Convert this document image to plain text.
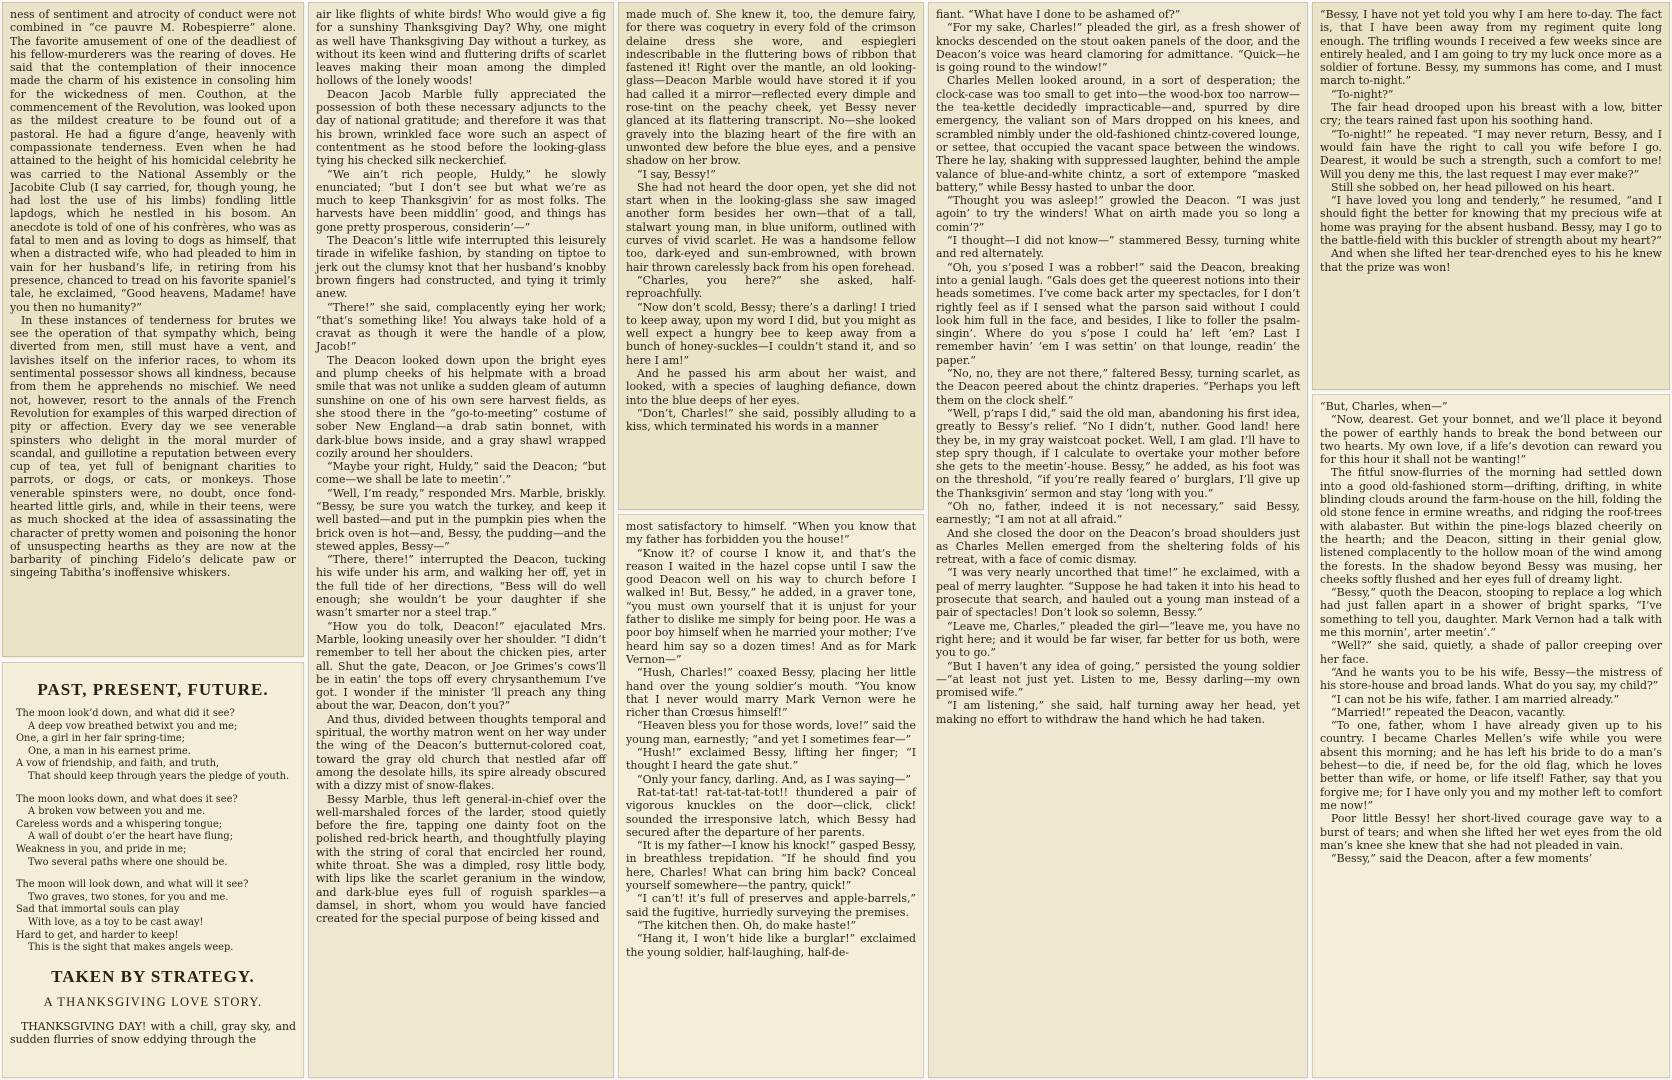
ness of sentiment and atrocity of conduct were not combined in “ce pauvre M. Robespierre” alone. The favorite amusement of one of the deadliest of his fellow-murderers was the rearing of doves. He said that the contemplation of their innocence made the charm of his existence in consoling him for the wickedness of men. Couthon, at the commencement of the Revolution, was looked upon as the mildest creature to be found out of a pastoral. He had a figure d’ange, heavenly with compassionate tenderness. Even when he had attained to the height of his homicidal celebrity he was carried to the National Assembly or the Jacobite Club (I say carried, for, though young, he had lost the use of his limbs) fondling little lapdogs, which he nestled in his bosom. An anecdote is told of one of his confrères, who was as fatal to men and as loving to dogs as himself, that when a distracted wife, who had pleaded to him in vain for her husband’s life, in retiring from his presence, chanced to tread on his favorite spaniel’s tale, he exclaimed, “Good heavens, Madame! have you then no humanity?”

In these instances of tenderness for brutes we see the operation of that sympathy which, being diverted from men, still must have a vent, and lavishes itself on the inferior races, to whom its sentimental possessor shows all kindness, because from them he apprehends no mischief. We need not, however, resort to the annals of the French Revolution for examples of this warped direction of pity or affection. Every day we see venerable spinsters who delight in the moral murder of scandal, and guillotine a reputation between every cup of tea, yet full of benignant charities to parrots, or dogs, or cats, or monkeys. Those venerable spinsters were, no doubt, once fond-hearted little girls, and, while in their teens, were as much shocked at the idea of assassinating the character of pretty women and poisoning the honor of unsuspecting hearths as they are now at the barbarity of pinching Fidelo’s delicate paw or singeing Tabitha’s inoffensive whiskers.

PAST, PRESENT, FUTURE.
The moon look’d down, and what did it see?
A deep vow breathed betwixt you and me;
One, a girl in her fair spring-time;
One, a man in his earnest prime.
A vow of friendship, and faith, and truth,
That should keep through years the pledge of youth.
The moon looks down, and what does it see?
A broken vow between you and me.
Careless words and a whispering tongue;
A wall of doubt o’er the heart have flung;
Weakness in you, and pride in me;
Two several paths where one should be.
The moon will look down, and what will it see?
Two graves, two stones, for you and me.
Sad that immortal souls can play
With love, as a toy to be cast away!
Hard to get, and harder to keep!
This is the sight that makes angels weep.
TAKEN BY STRATEGY.
A THANKSGIVING LOVE STORY.

THANKSGIVING DAY! with a chill, gray sky, and sudden flurries of snow eddying through the

air like flights of white birds! Who would give a fig for a sunshiny Thanksgiving Day? Why, one might as well have Thanksgiving Day without a turkey, as without its keen wind and fluttering drifts of scarlet leaves making their moan among the dimpled hollows of the lonely woods!

Deacon Jacob Marble fully appreciated the possession of both these necessary adjuncts to the day of national gratitude; and therefore it was that his brown, wrinkled face wore such an aspect of contentment as he stood before the looking-glass tying his checked silk neckerchief.

“We ain’t rich people, Huldy,” he slowly enunciated; “but I don’t see but what we’re as much to keep Thanksgivin’ for as most folks. The harvests have been middlin’ good, and things has gone pretty prosperous, considerin’—”

The Deacon’s little wife interrupted this leisurely tirade in wifelike fashion, by standing on tiptoe to jerk out the clumsy knot that her husband’s knobby brown fingers had constructed, and tying it trimly anew.

“There!” she said, complacently eying her work; “that’s something like! You always take hold of a cravat as though it were the handle of a plow, Jacob!”

The Deacon looked down upon the bright eyes and plump cheeks of his helpmate with a broad smile that was not unlike a sudden gleam of autumn sunshine on one of his own sere harvest fields, as she stood there in the “go-to-meeting” costume of sober New England—a drab satin bonnet, with dark-blue bows inside, and a gray shawl wrapped cozily around her shoulders.

“Maybe your right, Huldy,” said the Deacon; “but come—we shall be late to meetin’.”

“Well, I’m ready,” responded Mrs. Marble, briskly. “Bessy, be sure you watch the turkey, and keep it well basted—and put in the pumpkin pies when the brick oven is hot—and, Bessy, the pudding—and the stewed apples, Bessy—”

“There, there!” interrupted the Deacon, tucking his wife under his arm, and walking her off, yet in the full tide of her directions, “Bess will do well enough; she wouldn’t be your daughter if she wasn’t smarter nor a steel trap.”

“How you do tolk, Deacon!” ejaculated Mrs. Marble, looking uneasily over her shoulder. “I didn’t remember to tell her about the chicken pies, arter all. Shut the gate, Deacon, or Joe Grimes’s cows’ll be in eatin’ the tops off every chrysanthemum I’ve got. I wonder if the minister ’ll preach any thing about the war, Deacon, don’t you?”

And thus, divided between thoughts temporal and spiritual, the worthy matron went on her way under the wing of the Deacon’s butternut-colored coat, toward the gray old church that nestled afar off among the desolate hills, its spire already obscured with a dizzy mist of snow-flakes.

Bessy Marble, thus left general-in-chief over the well-marshaled forces of the larder, stood quietly before the fire, tapping one dainty foot on the polished red-brick hearth, and thoughtfully playing with the string of coral that encircled her round, white throat. She was a dimpled, rosy little body, with lips like the scarlet geranium in the window, and dark-blue eyes full of roguish sparkles—a damsel, in short, whom you would have fancied created for the special purpose of being kissed and

made much of. She knew it, too, the demure fairy, for there was coquetry in every fold of the crimson delaine dress she wore, and espiegleri indescribable in the fluttering bows of ribbon that fastened it! Right over the mantle, an old looking-glass—Deacon Marble would have stored it if you had called it a mirror—reflected every dimple and rose-tint on the peachy cheek, yet Bessy never glanced at its flattering transcript. No—she looked gravely into the blazing heart of the fire with an unwonted dew before the blue eyes, and a pensive shadow on her brow.

“I say, Bessy!”

She had not heard the door open, yet she did not start when in the looking-glass she saw imaged another form besides her own—that of a tall, stalwart young man, in blue uniform, outlined with curves of vivid scarlet. He was a handsome fellow too, dark-eyed and sun-embrowned, with brown hair thrown carelessly back from his open forehead.

“Charles, you here?” she asked, half-reproachfully.

“Now don’t scold, Bessy; there’s a darling! I tried to keep away, upon my word I did, but you might as well expect a hungry bee to keep away from a bunch of honey-suckles—I couldn’t stand it, and so here I am!”

And he passed his arm about her waist, and looked, with a species of laughing defiance, down into the blue deeps of her eyes.

“Don’t, Charles!” she said, possibly alluding to a kiss, which terminated his words in a manner

most satisfactory to himself. “When you know that my father has forbidden you the house!”

“Know it? of course I know it, and that’s the reason I waited in the hazel copse until I saw the good Deacon well on his way to church before I walked in! But, Bessy,” he added, in a graver tone, “you must own yourself that it is unjust for your father to dislike me simply for being poor. He was a poor boy himself when he married your mother; I’ve heard him say so a dozen times! And as for Mark Vernon—”

“Hush, Charles!” coaxed Bessy, placing her little hand over the young soldier’s mouth. “You know that I never would marry Mark Vernon were he richer than Crœsus himself!”

“Heaven bless you for those words, love!” said the young man, earnestly; “and yet I sometimes fear—”

“Hush!” exclaimed Bessy, lifting her finger; “I thought I heard the gate shut.”

“Only your fancy, darling. And, as I was saying—”

Rat-tat-tat! rat-tat-tat-tot!! thundered a pair of vigorous knuckles on the door—click, click! sounded the irresponsive latch, which Bessy had secured after the departure of her parents.

“It is my father—I know his knock!” gasped Bessy, in breathless trepidation. “If he should find you here, Charles! What can bring him back? Conceal yourself somewhere—the pantry, quick!”

“I can’t! it’s full of preserves and apple-barrels,” said the fugitive, hurriedly surveying the premises.

“The kitchen then. Oh, do make haste!”

“Hang it, I won’t hide like a burglar!” exclaimed the young soldier, half-laughing, half-de-

fiant. “What have I done to be ashamed of?”

“For my sake, Charles!” pleaded the girl, as a fresh shower of knocks descended on the stout oaken panels of the door, and the Deacon’s voice was heard clamoring for admittance. “Quick—he is going round to the window!”

Charles Mellen looked around, in a sort of desperation; the clock-case was too small to get into—the wood-box too narrow—the tea-kettle decidedly impracticable—and, spurred by dire emergency, the valiant son of Mars dropped on his knees, and scrambled nimbly under the old-fashioned chintz-covered lounge, or settee, that occupied the vacant space between the windows. There he lay, shaking with suppressed laughter, behind the ample valance of blue-and-white chintz, a sort of extempore “masked battery,” while Bessy hasted to unbar the door.

“Thought you was asleep!” growled the Deacon. “I was just agoin’ to try the winders! What on airth made you so long a comin’?”

“I thought—I did not know—” stammered Bessy, turning white and red alternately.

“Oh, you s’posed I was a robber!” said the Deacon, breaking into a genial laugh. “Gals does get the queerest notions into their heads sometimes. I’ve come back arter my spectacles, for I don’t rightly feel as if I sensed what the parson said without I could look him full in the face, and besides, I like to foller the psalm-singin’. Where do you s’pose I could ha’ left ’em? Last I remember havin’ ’em I was settin’ on that lounge, readin’ the paper.”

“No, no, they are not there,” faltered Bessy, turning scarlet, as the Deacon peered about the chintz draperies. “Perhaps you left them on the clock shelf.”

“Well, p’raps I did,” said the old man, abandoning his first idea, greatly to Bessy’s relief. “No I didn’t, nuther. Good land! here they be, in my gray waistcoat pocket. Well, I am glad. I’ll have to step spry though, if I calculate to overtake your mother before she gets to the meetin’-house. Bessy,” he added, as his foot was on the threshold, “if you’re really feared o’ burglars, I’ll give up the Thanksgivin’ sermon and stay ’long with you.”

“Oh no, father, indeed it is not necessary,” said Bessy, earnestly; “I am not at all afraid.”

And she closed the door on the Deacon’s broad shoulders just as Charles Mellen emerged from the sheltering folds of his retreat, with a face of comic dismay.

“I was very nearly uncorthed that time!” he exclaimed, with a peal of merry laughter. “Suppose he had taken it into his head to prosecute that search, and hauled out a young man instead of a pair of spectacles! Don’t look so solemn, Bessy.”

“Leave me, Charles,” pleaded the girl—“leave me, you have no right here; and it would be far wiser, far better for us both, were you to go.”

“But I haven’t any idea of going,” persisted the young soldier—“at least not just yet. Listen to me, Bessy darling—my own promised wife.”

“I am listening,” she said, half turning away her head, yet making no effort to withdraw the hand which he had taken.

“Bessy, I have not yet told you why I am here to-day. The fact is, that I have been away from my regiment quite long enough. The trifling wounds I received a few weeks since are entirely healed, and I am going to try my luck once more as a soldier of fortune. Bessy, my summons has come, and I must march to-night.”

“To-night?”

The fair head drooped upon his breast with a low, bitter cry; the tears rained fast upon his soothing hand.

“To-night!” he repeated. “I may never return, Bessy, and I would fain have the right to call you wife before I go. Dearest, it would be such a strength, such a comfort to me! Will you deny me this, the last request I may ever make?”

Still she sobbed on, her head pillowed on his heart.

“I have loved you long and tenderly,” he resumed, “and I should fight the better for knowing that my precious wife at home was praying for the absent husband. Bessy, may I go to the battle-field with this buckler of strength about my heart?”

And when she lifted her tear-drenched eyes to his he knew that the prize was won!

“But, Charles, when—”

“Now, dearest. Get your bonnet, and we’ll place it beyond the power of earthly hands to break the bond between our two hearts. My own love, if a life’s devotion can reward you for this hour it shall not be wanting!”

The fitful snow-flurries of the morning had settled down into a good old-fashioned storm—drifting, drifting, in white blinding clouds around the farm-house on the hill, folding the old stone fence in ermine wreaths, and ridging the roof-trees with alabaster. But within the pine-logs blazed cheerily on the hearth; and the Deacon, sitting in their genial glow, listened complacently to the hollow moan of the wind among the forests. In the shadow beyond Bessy was musing, her cheeks softly flushed and her eyes full of dreamy light.

“Bessy,” quoth the Deacon, stooping to replace a log which had just fallen apart in a shower of bright sparks, “I’ve something to tell you, daughter. Mark Vernon had a talk with me this mornin’, arter meetin’.”

“Well?” she said, quietly, a shade of pallor creeping over her face.

“And he wants you to be his wife, Bessy—the mistress of his store-house and broad lands. What do you say, my child?”

“I can not be his wife, father. I am married already.”

“Married!” repeated the Deacon, vacantly.

“To one, father, whom I have already given up to his country. I became Charles Mellen’s wife while you were absent this morning; and he has left his bride to do a man’s behest—to die, if need be, for the old flag, which he loves better than wife, or home, or life itself! Father, say that you forgive me; for I have only you and my mother left to comfort me now!”

Poor little Bessy! her short-lived courage gave way to a burst of tears; and when she lifted her wet eyes from the old man’s knee she knew that she had not pleaded in vain.

“Bessy,” said the Deacon, after a few moments’
